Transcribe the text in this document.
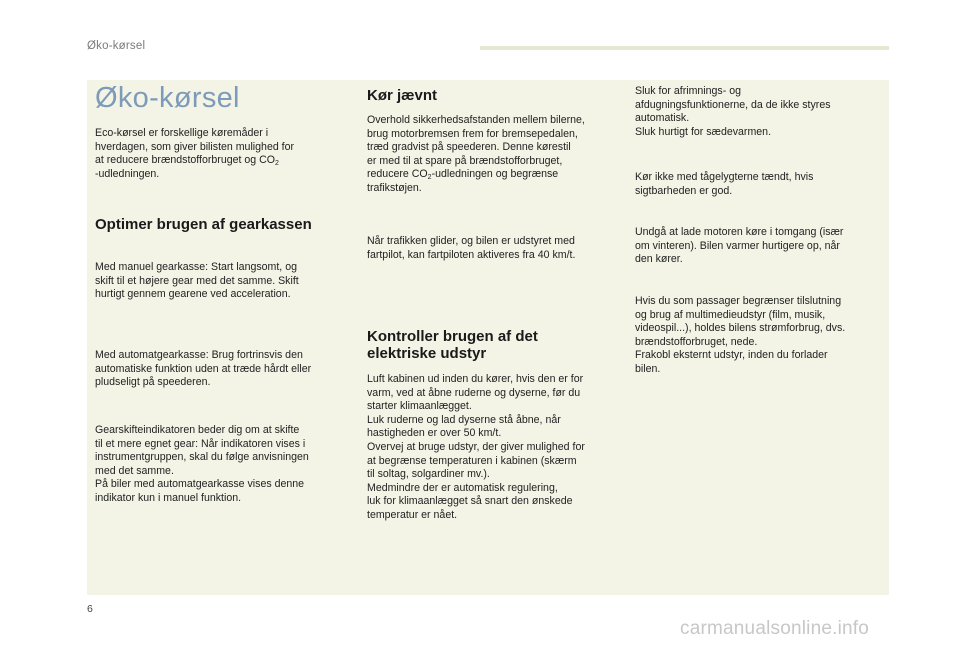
Øko-kørsel
Øko-kørsel

Eco-kørsel er forskellige køremåder i
hverdagen, som giver bilisten mulighed for
at reducere brændstofforbruget og $CO_2$
-udledningen.

Optimer brugen af gearkassen

Med manuel gearkasse: Start langsomt, og
skift til et højere gear med det samme. Skift
hurtigt gennem gearene ved acceleration.

Med automatgearkasse: Brug fortrinsvis den
automatiske funktion uden at træde hårdt eller
pludseligt på speederen.

Gearskifteindikatoren beder dig om at skifte
til et mere egnet gear: Når indikatoren vises i
instrumentgruppen, skal du følge anvisningen
med det samme.
På biler med automatgearkasse vises denne
indikator kun i manuel funktion.

Kør jævnt

Overhold sikkerhedsafstanden mellem bilerne,
brug motorbremsen frem for bremsepedalen,
træd gradvist på speederen. Denne kørestil
er med til at spare på brændstofforbruget,
reducere $CO_2$-udledningen og begrænse
trafikstøjen.

Når trafikken glider, og bilen er udstyret med
fartpilot, kan fartpiloten aktiveres fra 40 km/t.

Kontroller brugen af det
elektriske udstyr

Luft kabinen ud inden du kører, hvis den er for
varm, ved at åbne ruderne og dyserne, før du
starter klimaanlægget.
Luk ruderne og lad dyserne stå åbne, når
hastigheden er over 50 km/t.
Overvej at bruge udstyr, der giver mulighed for
at begrænse temperaturen i kabinen (skærm
til soltag, solgardiner mv.).
Medmindre der er automatisk regulering,
luk for klimaanlægget så snart den ønskede
temperatur er nået.

Sluk for afrimnings- og
afdugningsfunktionerne, da de ikke styres
automatisk.
Sluk hurtigt for sædevarmen.

Kør ikke med tågelygterne tændt, hvis
sigtbarheden er god.

Undgå at lade motoren køre i tomgang (især
om vinteren). Bilen varmer hurtigere op, når
den kører.

Hvis du som passager begrænser tilslutning
og brug af multimedieudstyr (film, musik,
videospil...), holdes bilens strømforbrug, dvs.
brændstofforbruget, nede.
Frakobl eksternt udstyr, inden du forlader
bilen.

6
carmanualsonline.info
